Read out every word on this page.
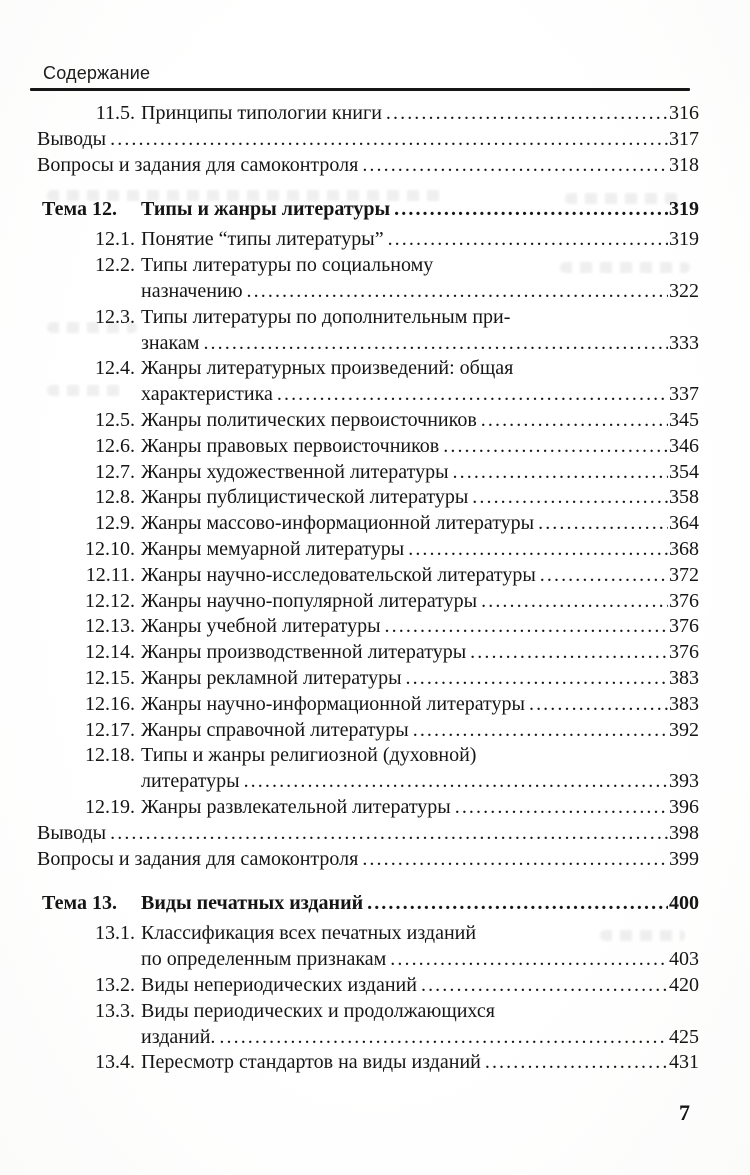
Содержание
11.5. Принципы типологии книги .....	316
Выводы .....	317
Вопросы и задания для самоконтроля .....	318
Тема 12.	Типы и жанры литературы .....	319
12.1. Понятие “типы литературы” .....	319
12.2. Типы литературы по социальному
назначению .....	322
12.3. Типы литературы по дополнительным при-
знакам .....	333
12.4. Жанры литературных произведений: общая
характеристика .....	337
12.5. Жанры политических первоисточников .....	345
12.6. Жанры правовых первоисточников .....	346
12.7. Жанры художественной литературы .....	354
12.8. Жанры публицистической литературы .....	358
12.9. Жанры массово-информационной литературы .....	364
12.10. Жанры мемуарной литературы .....	368
12.11. Жанры научно-исследовательской литературы .....	372
12.12. Жанры научно-популярной литературы .....	376
12.13. Жанры учебной литературы .....	376
12.14. Жанры производственной литературы .....	376
12.15. Жанры рекламной литературы .....	383
12.16. Жанры научно-информационной литературы .....	383
12.17. Жанры справочной литературы .....	392
12.18. Типы и жанры религиозной (духовной)
литературы .....	393
12.19. Жанры развлекательной литературы .....	396
Выводы .....	398
Вопросы и задания для самоконтроля .....	399
Тема 13.	Виды печатных изданий .....	400
13.1. Классификация всех печатных изданий
по определенным признакам .....	403
13.2. Виды непериодических изданий .....	420
13.3. Виды периодических и продолжающихся
изданий. .....	425
13.4. Пересмотр стандартов на виды изданий .....	431
7
